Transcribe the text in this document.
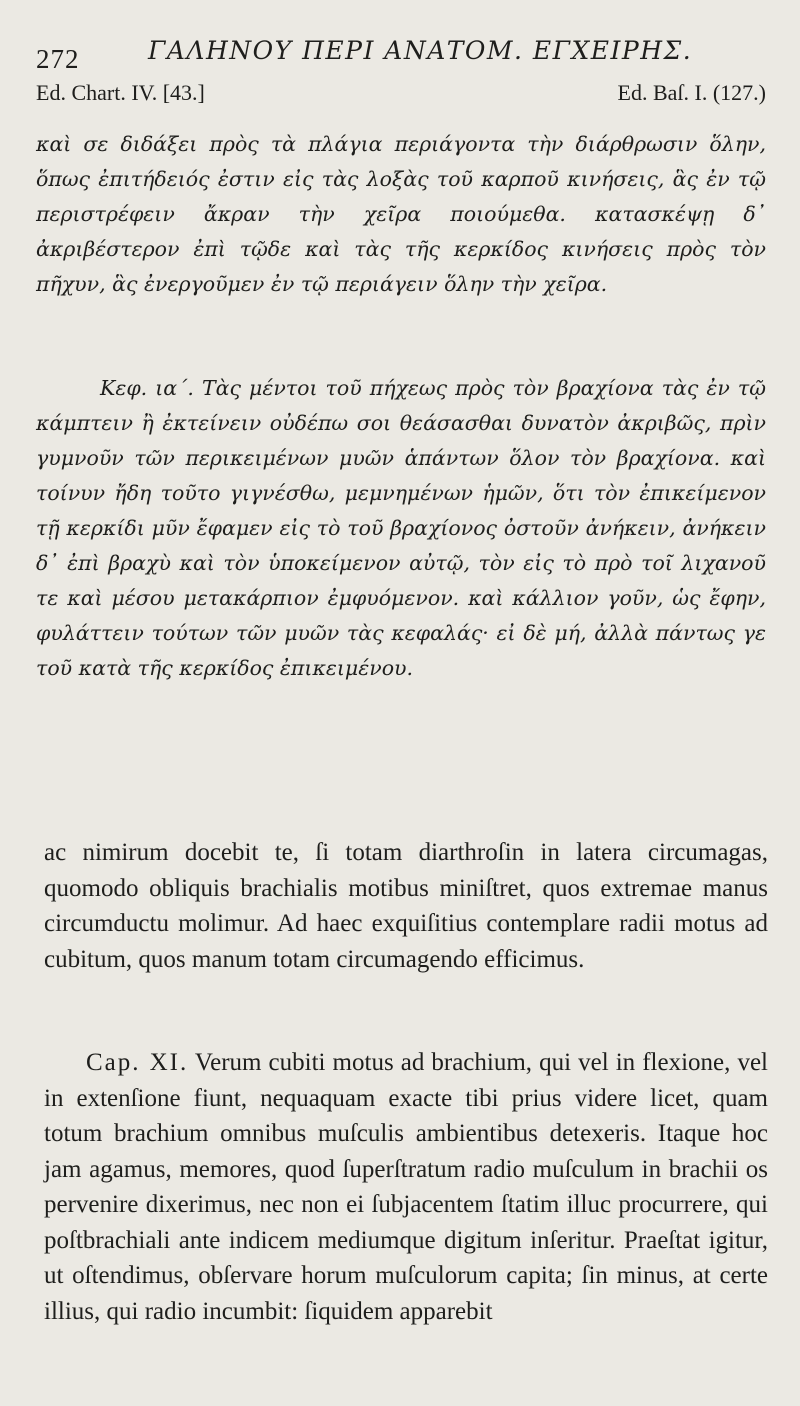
272	ΓΑΛΗΝΟΥ ΠΕΡΙ ΑΝΑΤΟΜ. ΕΓΧΕΙΡΗΣ.
Ed. Chart. IV. [43.]	Ed. Baſ. I. (127.)

καὶ σε διδάξει πρὸς τὰ πλάγια περιάγοντα τὴν διάρθρωσιν ὅλην, ὅπως ἐπιτήδειός ἐστιν εἰς τὰς λοξὰς τοῦ καρποῦ κινήσεις, ἃς ἐν τῷ περιστρέφειν ἄκραν τὴν χεῖρα ποιούμεθα. κατασκέψῃ δ᾽ ἀκριβέστερον ἐπὶ τῷδε καὶ τὰς τῆς κερκίδος κινήσεις πρὸς τὸν πῆχυν, ἃς ἐνεργοῦμεν ἐν τῷ περιάγειν ὅλην τὴν χεῖρα.

Κεφ. ια΄. Τὰς μέντοι τοῦ πήχεως πρὸς τὸν βραχίονα τὰς ἐν τῷ κάμπτειν ἢ ἐκτείνειν οὐδέπω σοι θεάσασθαι δυνατὸν ἀκριβῶς, πρὶν γυμνοῦν τῶν περικειμένων μυῶν ἁπάντων ὅλον τὸν βραχίονα. καὶ τοίνυν ἤδη τοῦτο γιγνέσθω, μεμνημένων ἡμῶν, ὅτι τὸν ἐπικείμενον τῇ κερκίδι μῦν ἔφαμεν εἰς τὸ τοῦ βραχίονος ὀστοῦν ἀνήκειν, ἀνήκειν δ᾽ ἐπὶ βραχὺ καὶ τὸν ὑποκείμενον αὐτῷ, τὸν εἰς τὸ πρὸ τοῖ λιχανοῦ τε καὶ μέσου μετακάρπιον ἐμφυόμενον. καὶ κάλλιον γοῦν, ὡς ἔφην, φυλάττειν τούτων τῶν μυῶν τὰς κεφαλάς· εἰ δὲ μή, ἀλλὰ πάντως γε τοῦ κατὰ τῆς κερκίδος ἐπικειμένου.

ac nimirum docebit te, ſi totam diarthroſin in latera circumagas, quomodo obliquis brachialis motibus miniſtret, quos extremae manus circumductu molimur. Ad haec exquiſitius contemplare radii motus ad cubitum, quos manum totam circumagendo efficimus.

Cap. XI. Verum cubiti motus ad brachium, qui vel in flexione, vel in extenſione fiunt, nequaquam exacte tibi prius videre licet, quam totum brachium omnibus muſculis ambientibus detexeris. Itaque hoc jam agamus, memores, quod ſuperſtratum radio muſculum in brachii os pervenire dixerimus, nec non ei ſubjacentem ſtatim illuc procurrere, qui poſtbrachiali ante indicem mediumque digitum inſeritur. Praeſtat igitur, ut oſtendimus, obſervare horum muſculorum capita; ſin minus, at certe illius, qui radio incumbit: ſiquidem apparebit
